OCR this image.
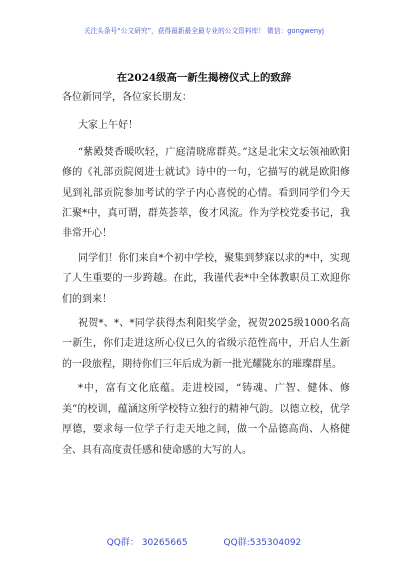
关注头条号“公文研究”，获得最新最全最专业的公文资料库！ 微信：gongwenyj
在2024级高一新生揭榜仪式上的致辞

各位新同学，各位家长朋友：

大家上午好！

“紫殿焚香暖吹轻，广庭清晓席群英。”这是北宋文坛领袖欧阳修的《礼部贡院阅进士就试》诗中的一句，它描写的就是欧阳修见到礼部贡院参加考试的学子内心喜悦的心情。看到同学们今天汇聚*中，真可谓，群英荟萃，俊才风流。作为学校党委书记，我非常开心！

同学们！你们来自*个初中学校，聚集到梦寐以求的*中，实现了人生重要的一步跨越。在此，我谨代表*中全体教职员工欢迎你们的到来！

祝贺*、*、*同学获得杰利阳奖学金，祝贺2025级1000名高一新生，你们走进这所心仪已久的省级示范性高中，开启人生新的一段旅程，期待你们三年后成为新一批光耀陇东的璀璨群星。

*中，富有文化底蕴。走进校园，“铸魂、广智、健体、修美”的校训，蕴涵这所学校特立独行的精神气韵。以德立校，优学厚德，要求每一位学子行走天地之间，做一个品德高尚、人格健全、具有高度责任感和使命感的大写的人。

QQ群： 30265665	QQ群:535304092
